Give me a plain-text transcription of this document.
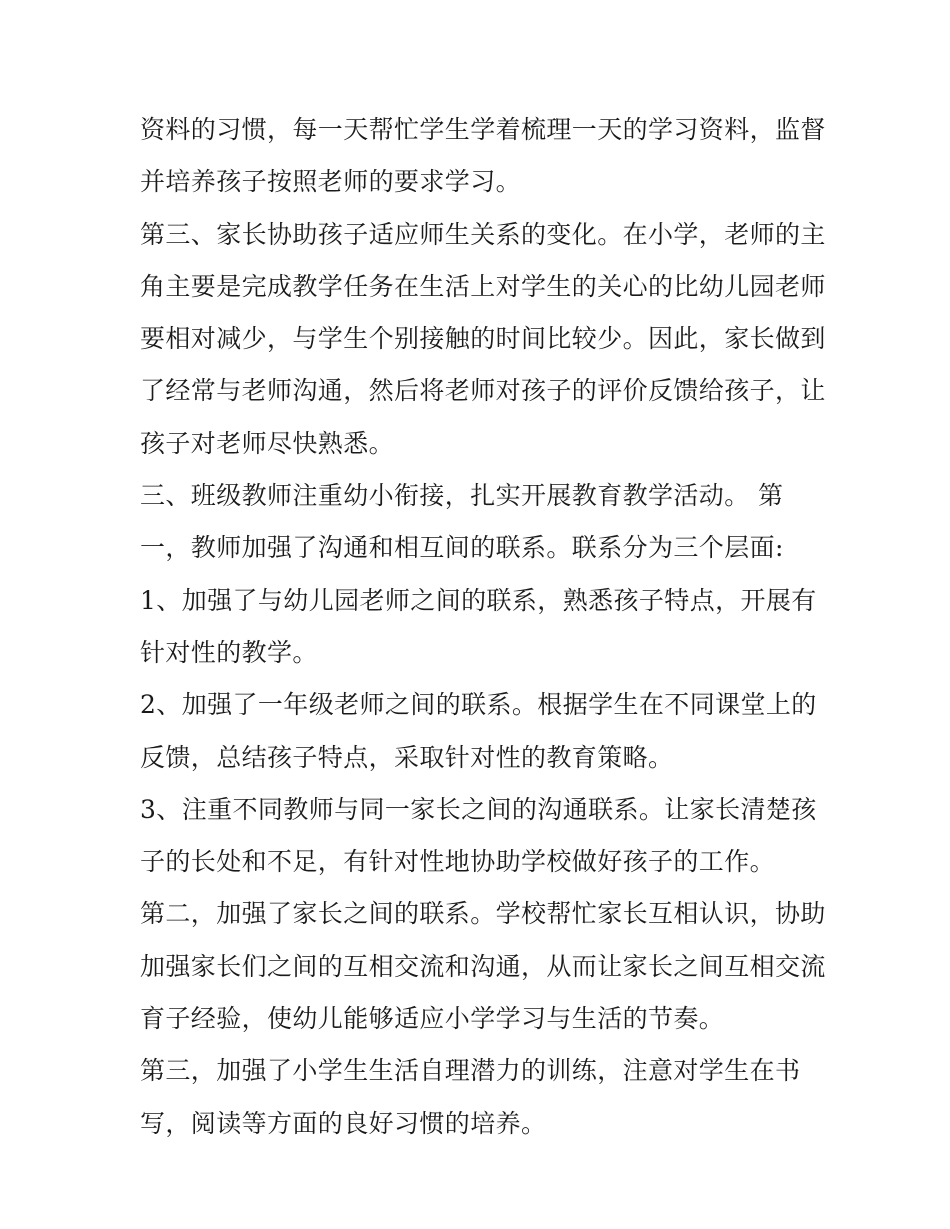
资料的习惯，每一天帮忙学生学着梳理一天的学习资料，监督
并培养孩子按照老师的要求学习。
第三、家长协助孩子适应师生关系的变化。在小学，老师的主
角主要是完成教学任务在生活上对学生的关心的比幼儿园老师
要相对减少，与学生个别接触的时间比较少。因此，家长做到
了经常与老师沟通，然后将老师对孩子的评价反馈给孩子，让
孩子对老师尽快熟悉。
三、班级教师注重幼小衔接，扎实开展教育教学活动。 第
一，教师加强了沟通和相互间的联系。联系分为三个层面:
1、加强了与幼儿园老师之间的联系，熟悉孩子特点，开展有
针对性的教学。
2、加强了一年级老师之间的联系。根据学生在不同课堂上的
反馈，总结孩子特点，采取针对性的教育策略。
3、注重不同教师与同一家长之间的沟通联系。让家长清楚孩
子的长处和不足，有针对性地协助学校做好孩子的工作。
第二，加强了家长之间的联系。学校帮忙家长互相认识，协助
加强家长们之间的互相交流和沟通，从而让家长之间互相交流
育子经验，使幼儿能够适应小学学习与生活的节奏。
第三，加强了小学生生活自理潜力的训练，注意对学生在书
写，阅读等方面的良好习惯的培养。
